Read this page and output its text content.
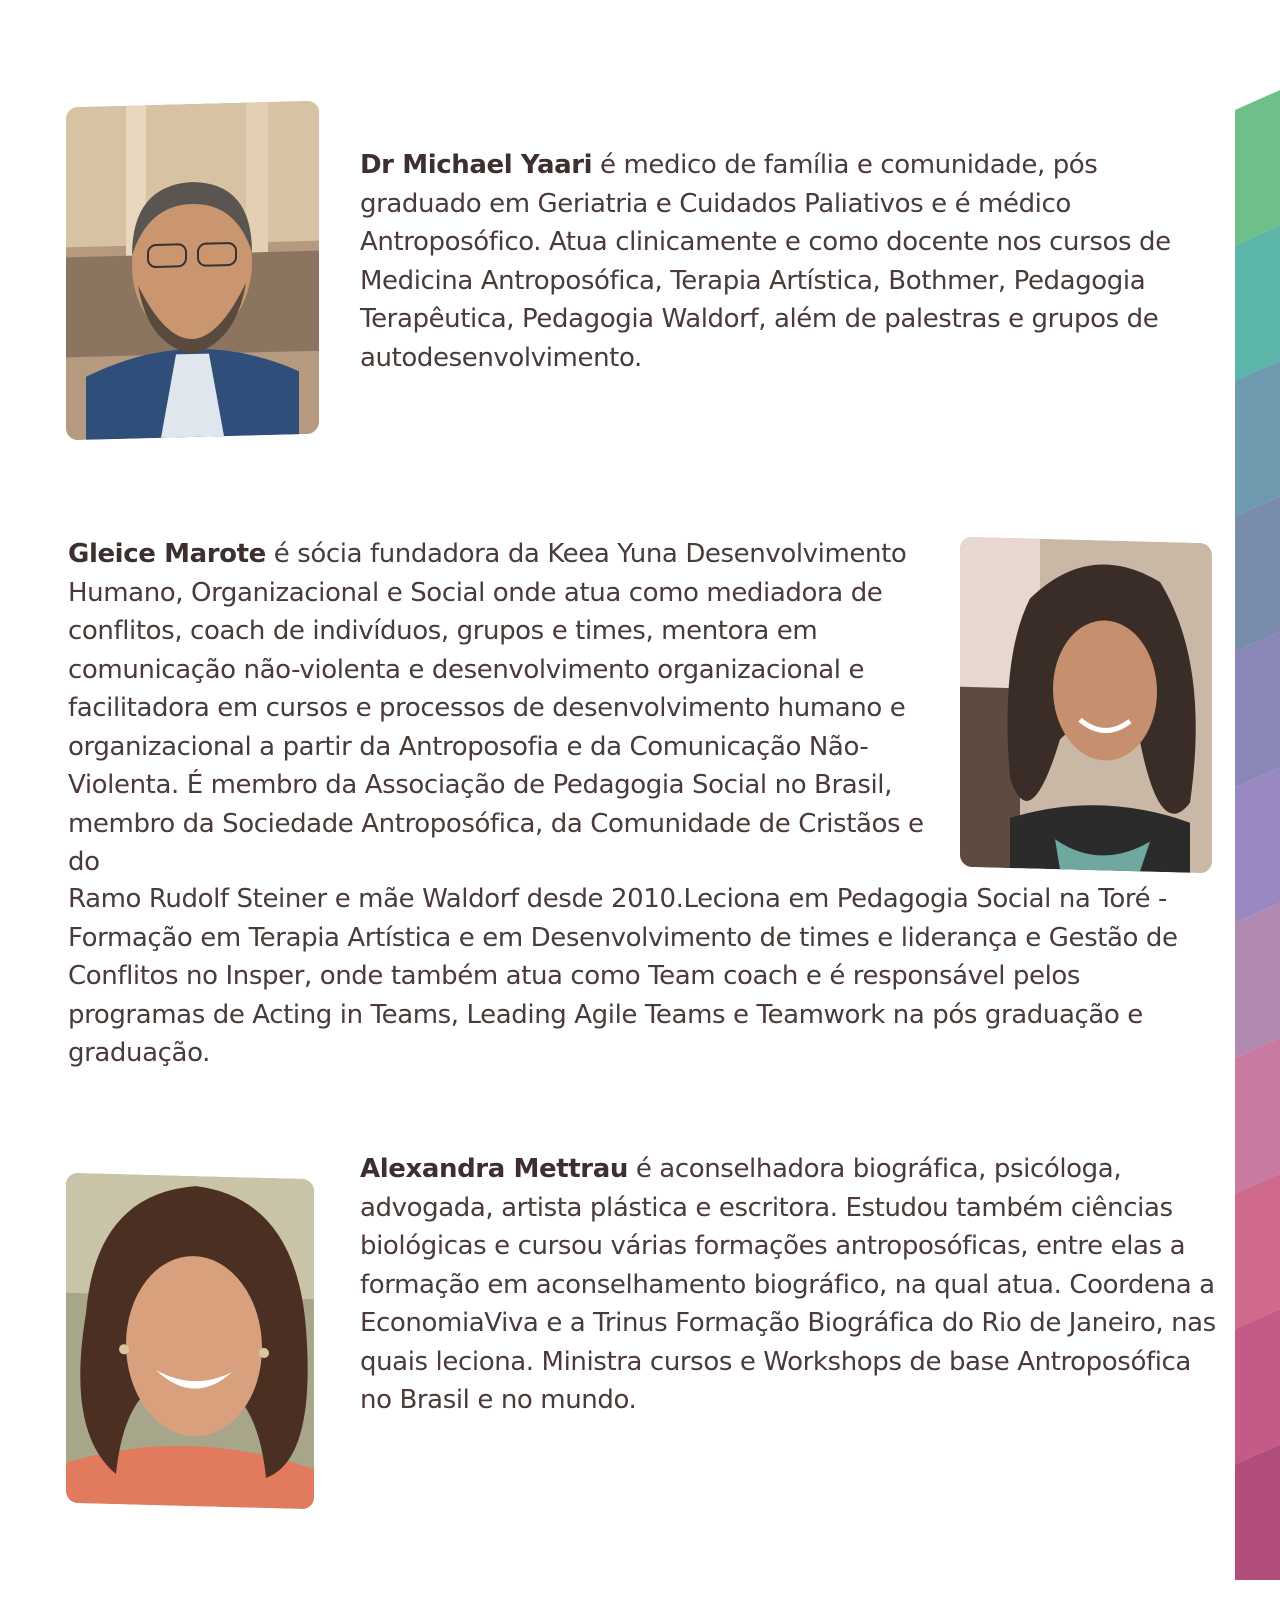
Dr Michael Yaari é medico de família e comunidade, pós graduado em Geriatria e Cuidados Paliativos e é médico Antroposófico. Atua clinicamente e como docente nos cursos de Medicina Antroposófica, Terapia Artística, Bothmer, Pedagogia Terapêutica, Pedagogia Waldorf, além de palestras e grupos de autodesenvolvimento.

Gleice Marote é sócia fundadora da Keea Yuna Desenvolvimento Humano, Organizacional e Social onde atua como mediadora de conflitos, coach de indivíduos, grupos e times, mentora em comunicação não-violenta e desenvolvimento organizacional e facilitadora em cursos e processos de desenvolvimento humano e organizacional a partir da Antroposofia e da Comunicação Não-Violenta. É membro da Associação de Pedagogia Social no Brasil, membro da Sociedade Antroposófica, da Comunidade de Cristãos e do

Ramo Rudolf Steiner e mãe Waldorf desde 2010.Leciona em Pedagogia Social na Toré - Formação em Terapia Artística e em Desenvolvimento de times e liderança e Gestão de Conflitos no Insper, onde também atua como Team coach e é responsável pelos programas de Acting in Teams, Leading Agile Teams e Teamwork na pós graduação e graduação.

Alexandra Mettrau é aconselhadora biográfica, psicóloga, advogada, artista plástica e escritora. Estudou também ciências biológicas e cursou várias formações antroposóficas, entre elas a formação em aconselhamento biográfico, na qual atua. Coordena a EconomiaViva e a Trinus Formação Biográfica do Rio de Janeiro, nas quais leciona. Ministra cursos e Workshops de base Antroposófica no Brasil e no mundo.
